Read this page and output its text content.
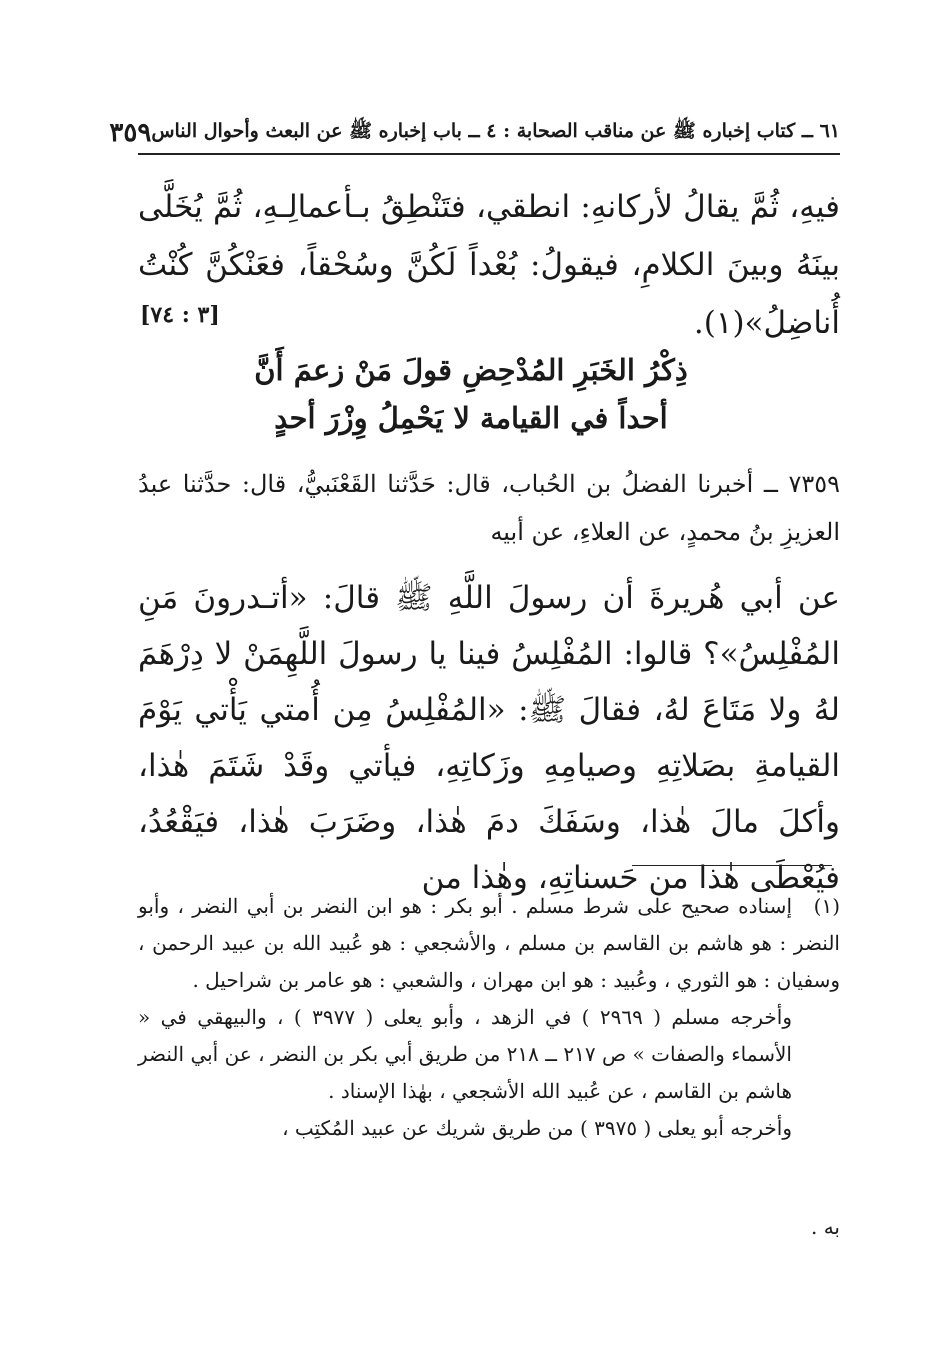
٦١ ــ كتاب إخباره ﷺ عن مناقب الصحابة : ٤ ــ باب إخباره ﷺ عن البعث وأحوال الناس
٣٥٩
فيهِ، ثُمَّ يقالُ لأركانهِ: انطقي، فتَنْطِقُ بـأعمالِـهِ، ثُمَّ يُخَلَّى بينَهُ وبينَ الكلامِ، فيقولُ: بُعْداً لَكُنَّ وسُحْقاً، فعَنْكُنَّ كُنْتُ أُناضِلُ»(١).
[٣ : ٧٤]
ذِكْرُ الخَبَرِ المُدْحِضِ قولَ مَنْ زعمَ أَنَّ
أحداً في القيامة لا يَحْمِلُ وِزْرَ أحدٍ
٧٣٥٩ ــ أخبرنا الفضلُ بن الحُباب، قال: حَدَّثنا القَعْنَبيُّ، قال: حدَّثنا عبدُ العزيزِ بنُ محمدٍ، عن العلاءِ، عن أبيه
عن أبي هُريرةَ أن رسولَ اللَّهِ ﷺ قالَ: «أتـدرونَ مَنِ المُفْلِسُ»؟ قالوا: المُفْلِسُ فينا يا رسولَ اللَّهِمَنْ لا دِرْهَمَ لهُ ولا مَتَاعَ لهُ، فقالَ ﷺ: «المُفْلِسُ مِن أُمتي يَأْتي يَوْمَ القيامةِ بصَلاتِهِ وصيامِهِ وزَكاتِهِ، فيأتي وقَدْ شَتَمَ هٰذا، وأكلَ مالَ هٰذا، وسَفَكَ دمَ هٰذا، وضَرَبَ هٰذا، فيَقْعُدُ، فيُعْطَى هٰذا من حَسناتِهِ، وهٰذا من

(١)إسناده صحيح على شرط مسلم . أبو بكر : هو ابن النضر بن أبي النضر ، وأبو النضر : هو هاشم بن القاسم بن مسلم ، والأشجعي : هو عُبيد الله بن عبيد الرحمن ، وسفيان : هو الثوري ، وعُبيد : هو ابن مهران ، والشعبي : هو عامر بن شراحيل .

وأخرجه مسلم ( ٢٩٦٩ ) في الزهد ، وأبو يعلى ( ٣٩٧٧ ) ، والبيهقي في « الأسماء والصفات » ص ٢١٧ ــ ٢١٨ من طريق أبي بكر بن النضر ، عن أبي النضر هاشم بن القاسم ، عن عُبيد الله الأشجعي ، بهٰذا الإسناد .

وأخرجه أبو يعلى ( ٣٩٧٥ ) من طريق شريك عن عبيد المُكتِب ،

به .
